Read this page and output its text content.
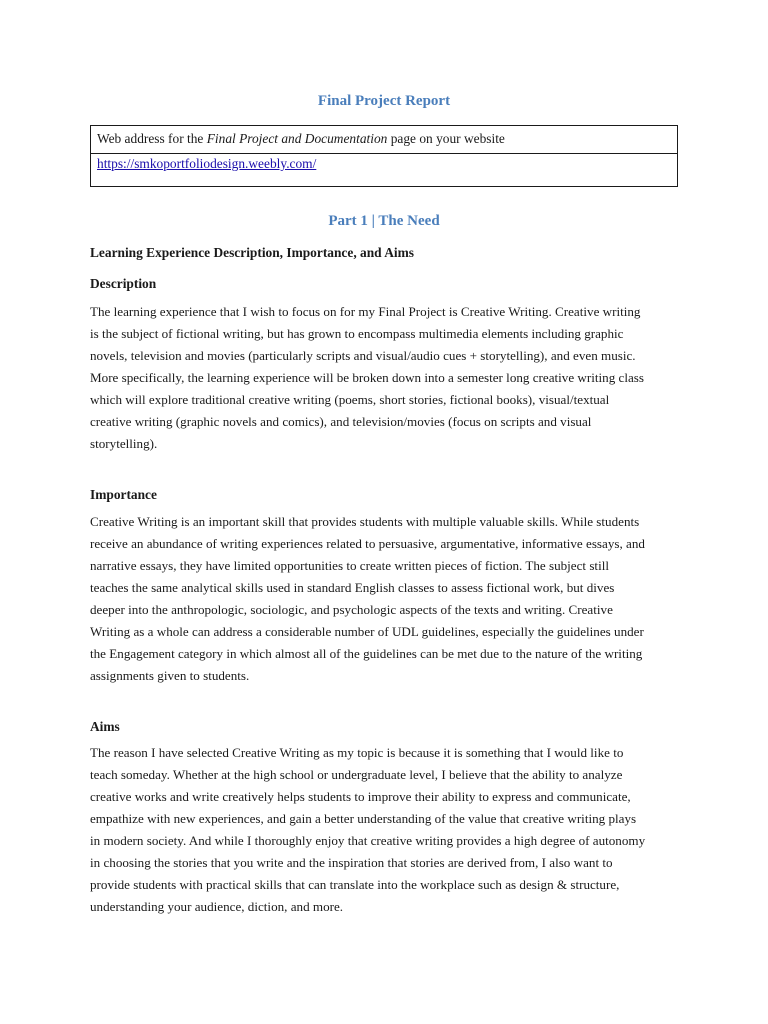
Final Project Report
Web address for the Final Project and Documentation page on your website
https://smkoportfoliodesign.weebly.com/
Part 1 | The Need
Learning Experience Description, Importance, and Aims
Description

The learning experience that I wish to focus on for my Final Project is Creative Writing. Creative writing
is the subject of fictional writing, but has grown to encompass multimedia elements including graphic
novels, television and movies (particularly scripts and visual/audio cues + storytelling), and even music.
More specifically, the learning experience will be broken down into a semester long creative writing class
which will explore traditional creative writing (poems, short stories, fictional books), visual/textual
creative writing (graphic novels and comics), and television/movies (focus on scripts and visual
storytelling).

Importance

Creative Writing is an important skill that provides students with multiple valuable skills. While students
receive an abundance of writing experiences related to persuasive, argumentative, informative essays, and
narrative essays, they have limited opportunities to create written pieces of fiction. The subject still
teaches the same analytical skills used in standard English classes to assess fictional work, but dives
deeper into the anthropologic, sociologic, and psychologic aspects of the texts and writing. Creative
Writing as a whole can address a considerable number of UDL guidelines, especially the guidelines under
the Engagement category in which almost all of the guidelines can be met due to the nature of the writing
assignments given to students.

Aims

The reason I have selected Creative Writing as my topic is because it is something that I would like to
teach someday. Whether at the high school or undergraduate level, I believe that the ability to analyze
creative works and write creatively helps students to improve their ability to express and communicate,
empathize with new experiences, and gain a better understanding of the value that creative writing plays
in modern society. And while I thoroughly enjoy that creative writing provides a high degree of autonomy
in choosing the stories that you write and the inspiration that stories are derived from, I also want to
provide students with practical skills that can translate into the workplace such as design & structure,
understanding your audience, diction, and more.
